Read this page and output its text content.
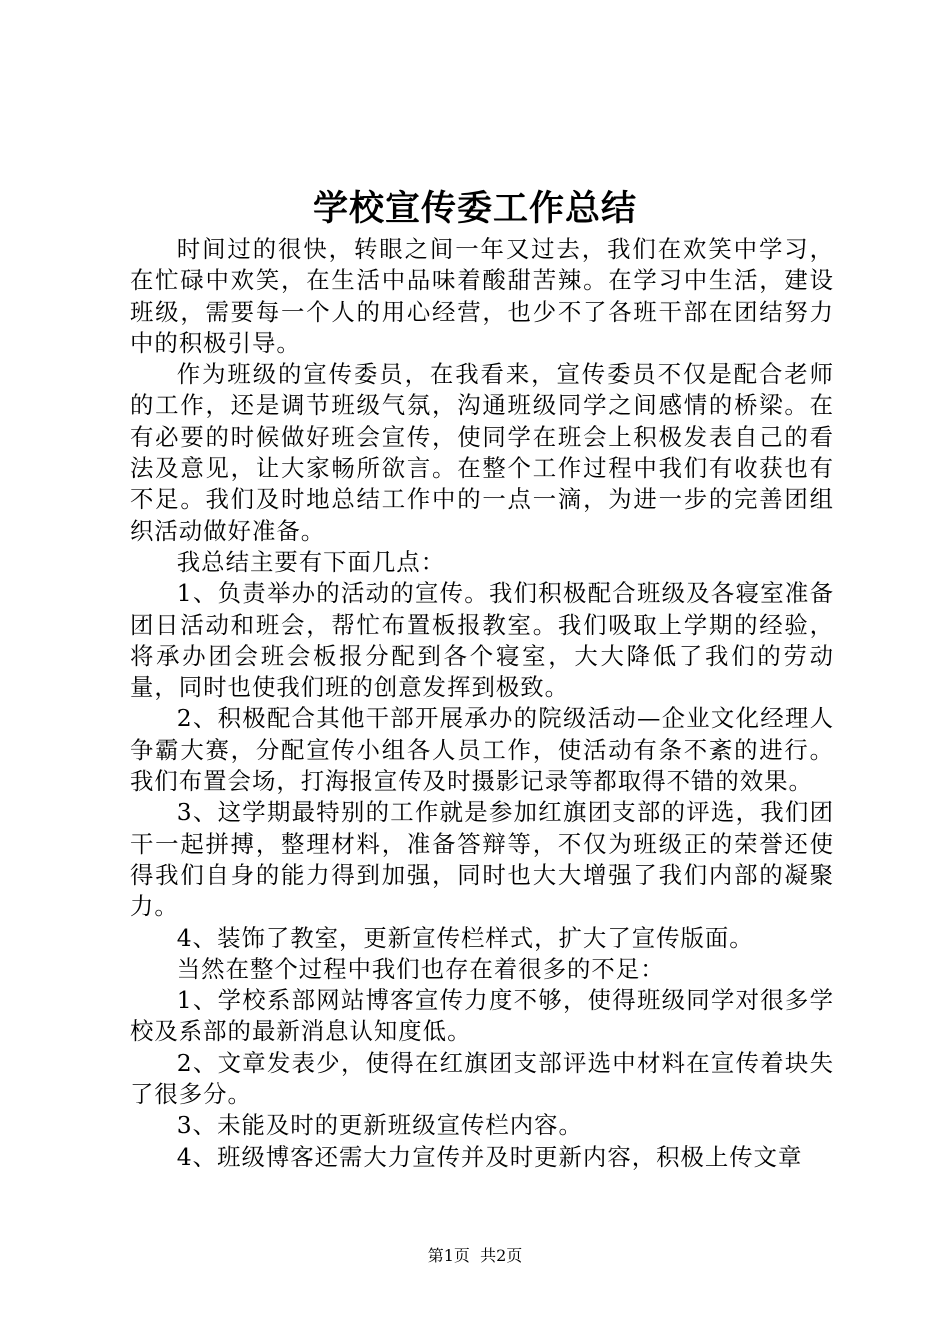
学校宣传委工作总结

时间过的很快，转眼之间一年又过去，我们在欢笑中学习，在忙碌中欢笑，在生活中品味着酸甜苦辣。在学习中生活，建设班级，需要每一个人的用心经营，也少不了各班干部在团结努力中的积极引导。

作为班级的宣传委员，在我看来，宣传委员不仅是配合老师的工作，还是调节班级气氛，沟通班级同学之间感情的桥梁。在有必要的时候做好班会宣传，使同学在班会上积极发表自己的看法及意见，让大家畅所欲言。在整个工作过程中我们有收获也有不足。我们及时地总结工作中的一点一滴，为进一步的完善团组织活动做好准备。

我总结主要有下面几点：

1、负责举办的活动的宣传。我们积极配合班级及各寝室准备团日活动和班会，帮忙布置板报教室。我们吸取上学期的经验，将承办团会班会板报分配到各个寝室，大大降低了我们的劳动量，同时也使我们班的创意发挥到极致。

2、积极配合其他干部开展承办的院级活动—企业文化经理人争霸大赛，分配宣传小组各人员工作，使活动有条不紊的进行。我们布置会场，打海报宣传及时摄影记录等都取得不错的效果。

3、这学期最特别的工作就是参加红旗团支部的评选，我们团干一起拼搏，整理材料，准备答辩等，不仅为班级正的荣誉还使得我们自身的能力得到加强，同时也大大增强了我们内部的凝聚力。

4、装饰了教室，更新宣传栏样式，扩大了宣传版面。

当然在整个过程中我们也存在着很多的不足：

1、学校系部网站博客宣传力度不够，使得班级同学对很多学校及系部的最新消息认知度低。

2、文章发表少，使得在红旗团支部评选中材料在宣传着块失了很多分。

3、未能及时的更新班级宣传栏内容。

4、班级博客还需大力宣传并及时更新内容，积极上传文章

第1页  共2页
